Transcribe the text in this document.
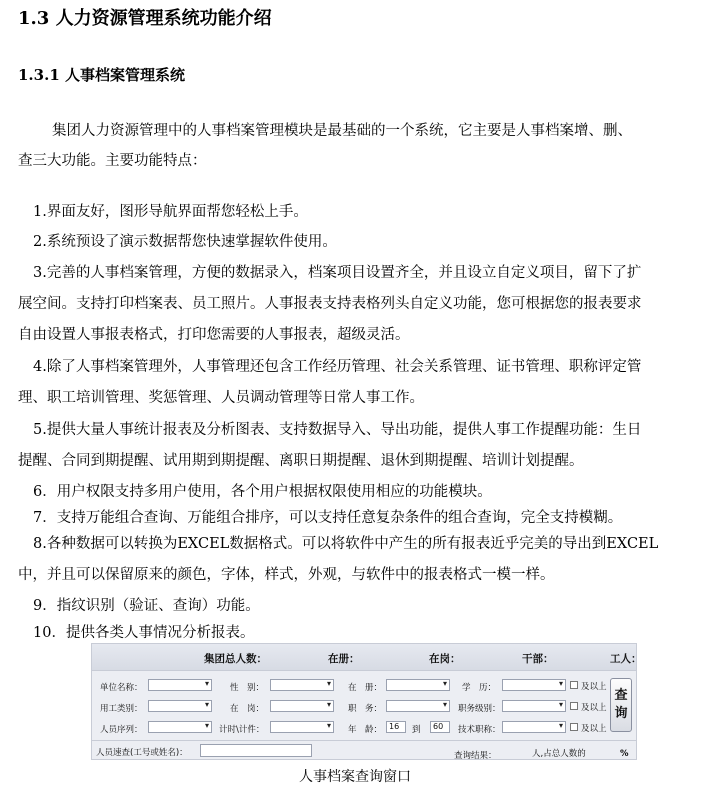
1.3 人力资源管理系统功能介绍
1.3.1 人事档案管理系统
集团人力资源管理中的人事档案管理模块是最基础的一个系统，它主要是人事档案增、删、
查三大功能。主要功能特点：
1.界面友好，图形导航界面帮您轻松上手。
2.系统预设了演示数据帮您快速掌握软件使用。
3.完善的人事档案管理，方便的数据录入，档案项目设置齐全，并且设立自定义项目，留下了扩
展空间。支持打印档案表、员工照片。人事报表支持表格列头自定义功能，您可根据您的报表要求
自由设置人事报表格式，打印您需要的人事报表，超级灵活。
4.除了人事档案管理外，人事管理还包含工作经历管理、社会关系管理、证书管理、职称评定管
理、职工培训管理、奖惩管理、人员调动管理等日常人事工作。
5.提供大量人事统计报表及分析图表、支持数据导入、导出功能，提供人事工作提醒功能：生日
提醒、合同到期提醒、试用期到期提醒、离职日期提醒、退休到期提醒、培训计划提醒。
6．用户权限支持多用户使用，各个用户根据权限使用相应的功能模块。
7．支持万能组合查询、万能组合排序，可以支持任意复杂条件的组合查询，完全支持模糊。
8.各种数据可以转换为EXCEL数据格式。可以将软件中产生的所有报表近乎完美的导出到EXCEL
中，并且可以保留原来的颜色，字体，样式，外观，与软件中的报表格式一模一样。
9．指纹识别（验证、查询）功能。
10．提供各类人事情况分析报表。
集团总人数：	在册：	在岗：	干部：	工人：
单位名称： ▾	性　别： ▾	在　册： ▾	学　历： ▾	及以上
用工类别： ▾	在　岗： ▾	职　务： ▾	职务级别： ▾	及以上
人员序列： ▾	计时\计件： ▾	年　龄： 16	到	60	技术职称： ▾	及以上
查询
人员速查(工号或姓名)：	查询结果：	人,占总人数的	%
人事档案查询窗口
